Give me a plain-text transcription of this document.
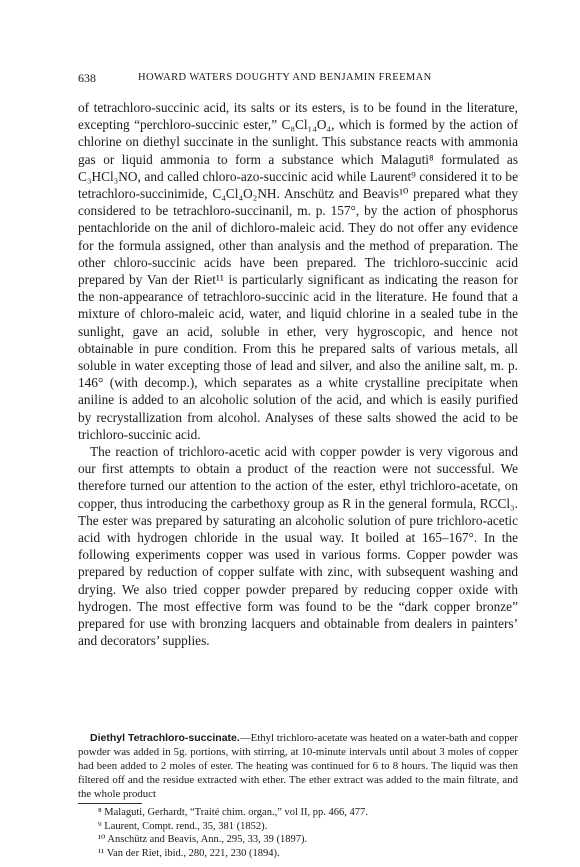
638	HOWARD WATERS DOUGHTY AND BENJAMIN FREEMAN

of tetrachloro-succinic acid, its salts or its esters, is to be found in the literature, excepting “perchloro-succinic ester,” C₈Cl₁₄O₄, which is formed by the action of chlorine on diethyl succinate in the sunlight. This substance reacts with ammonia gas or liquid ammonia to form a substance which Malaguti⁸ formulated as C₃HCl₃NO, and called chloro-azo-succinic acid while Laurent⁹ considered it to be tetrachloro-succinimide, C₄Cl₄O₂NH. Anschütz and Beavis¹⁰ prepared what they considered to be tetrachloro-succinanil, m. p. 157°, by the action of phosphorus pentachloride on the anil of dichloro-maleic acid. They do not offer any evidence for the formula assigned, other than analysis and the method of preparation. The other chloro-succinic acids have been prepared. The trichloro-succinic acid prepared by Van der Riet¹¹ is particularly significant as indicating the reason for the non-appearance of tetrachloro-succinic acid in the literature. He found that a mixture of chloro-maleic acid, water, and liquid chlorine in a sealed tube in the sunlight, gave an acid, soluble in ether, very hygroscopic, and hence not obtainable in pure condition. From this he prepared salts of various metals, all soluble in water excepting those of lead and silver, and also the aniline salt, m. p. 146° (with decomp.), which separates as a white crystalline precipitate when aniline is added to an alcoholic solution of the acid, and which is easily purified by recrystallization from alcohol. Analyses of these salts showed the acid to be trichloro-succinic acid.

The reaction of trichloro-acetic acid with copper powder is very vigorous and our first attempts to obtain a product of the reaction were not successful. We therefore turned our attention to the action of the ester, ethyl trichloro-acetate, on copper, thus introducing the carbethoxy group as R in the general formula, RCCl₃. The ester was prepared by saturating an alcoholic solution of pure trichloro-acetic acid with hydrogen chloride in the usual way. It boiled at 165–167°. In the following experiments copper was used in various forms. Copper powder was prepared by reduction of copper sulfate with zinc, with subsequent washing and drying. We also tried copper powder prepared by reducing copper oxide with hydrogen. The most effective form was found to be the “dark copper bronze” prepared for use with bronzing lacquers and obtainable from dealers in painters’ and decorators’ supplies.

Diethyl Tetrachloro-succinate.—Ethyl trichloro-acetate was heated on a water-bath and copper powder was added in 5g. portions, with stirring, at 10-minute intervals until about 3 moles of copper had been added to 2 moles of ester. The heating was continued for 6 to 8 hours. The liquid was then filtered off and the residue extracted with ether. The ether extract was added to the main filtrate, and the whole product

⁸ Malaguti, Gerhardt, “Traité chim. organ.,” vol II, pp. 466, 477.
⁹ Laurent, Compt. rend., 35, 381 (1852).
¹⁰ Anschütz and Beavis, Ann., 295, 33, 39 (1897).
¹¹ Van der Riet, ibid., 280, 221, 230 (1894).
